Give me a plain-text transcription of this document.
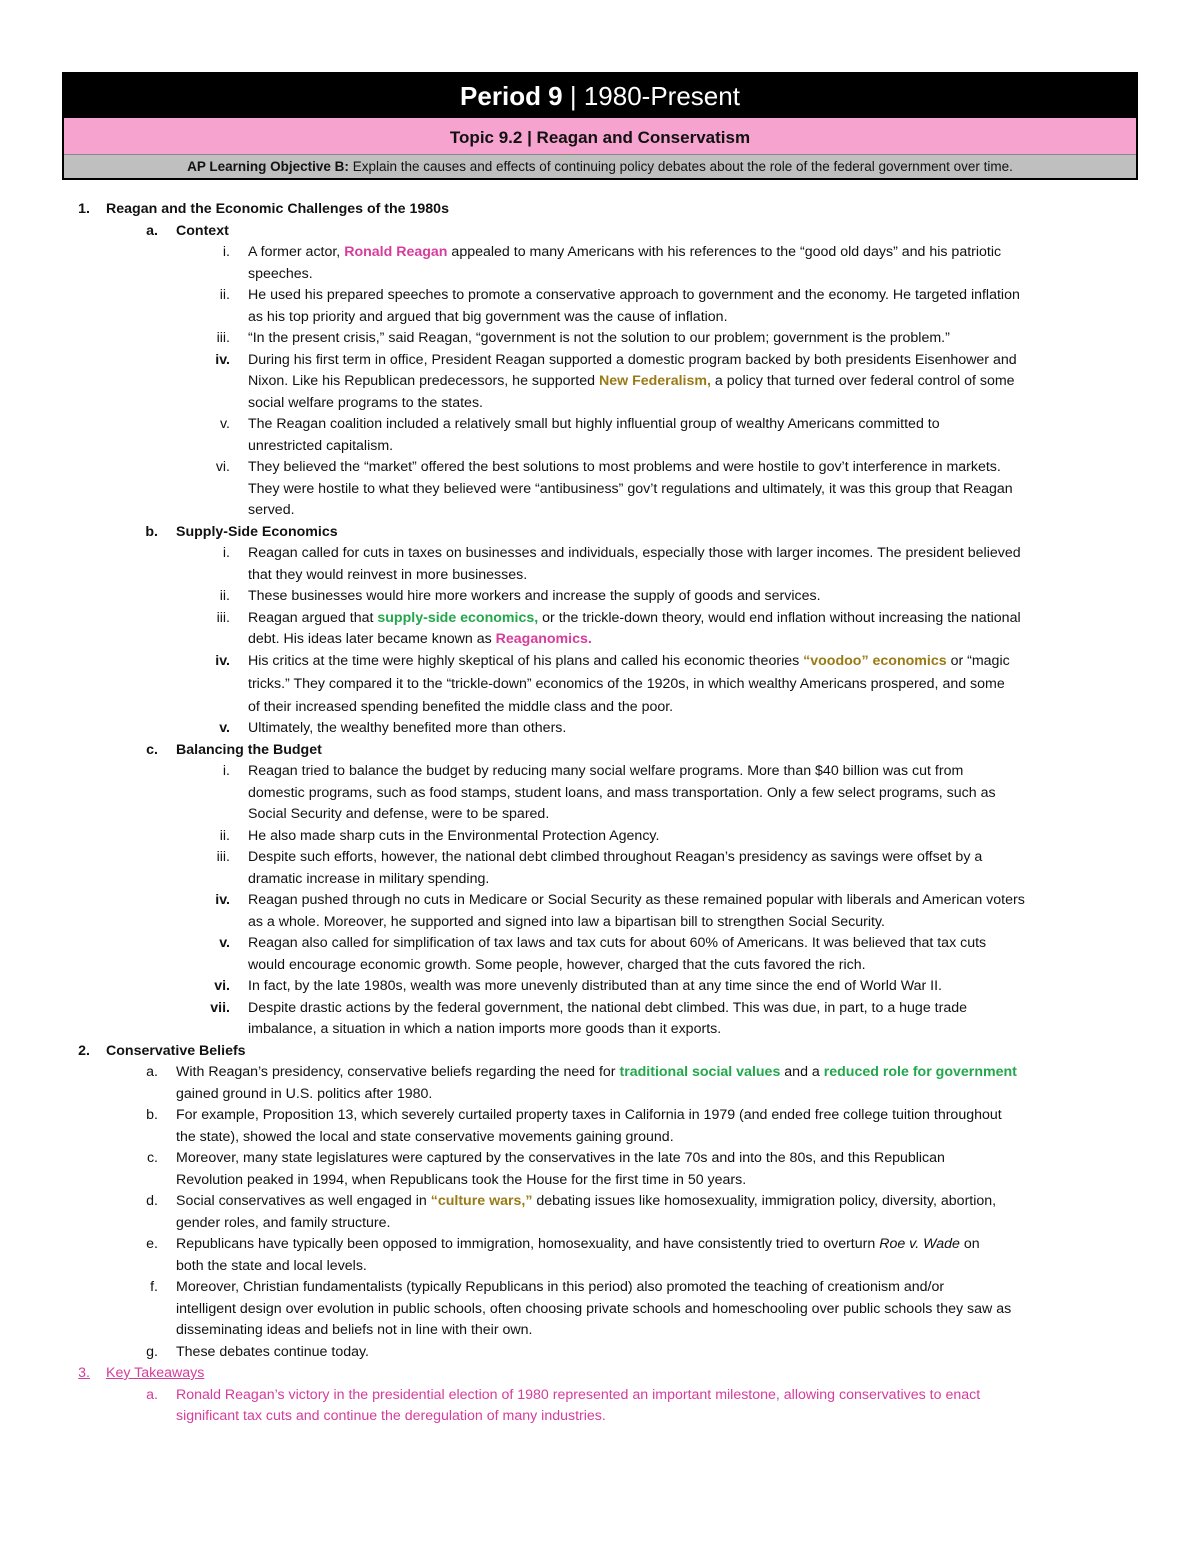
Period 9 | 1980-Present
Topic 9.2 | Reagan and Conservatism
AP Learning Objective B: Explain the causes and effects of continuing policy debates about the role of the federal government over time.
1. Reagan and the Economic Challenges of the 1980s
a. Context
i. A former actor, Ronald Reagan appealed to many Americans with his references to the “good old days” and his patriotic
speeches.
ii. He used his prepared speeches to promote a conservative approach to government and the economy. He targeted inflation
as his top priority and argued that big government was the cause of inflation.
iii. “In the present crisis,” said Reagan, “government is not the solution to our problem; government is the problem.”
iv. During his first term in office, President Reagan supported a domestic program backed by both presidents Eisenhower and
Nixon. Like his Republican predecessors, he supported New Federalism, a policy that turned over federal control of some
social welfare programs to the states.
v. The Reagan coalition included a relatively small but highly influential group of wealthy Americans committed to
unrestricted capitalism.
vi. They believed the “market” offered the best solutions to most problems and were hostile to gov’t interference in markets.
They were hostile to what they believed were “antibusiness” gov’t regulations and ultimately, it was this group that Reagan
served.
b. Supply-Side Economics
i. Reagan called for cuts in taxes on businesses and individuals, especially those with larger incomes. The president believed
that they would reinvest in more businesses.
ii. These businesses would hire more workers and increase the supply of goods and services.
iii. Reagan argued that supply-side economics, or the trickle-down theory, would end inflation without increasing the national
debt. His ideas later became known as Reaganomics.
iv. His critics at the time were highly skeptical of his plans and called his economic theories “voodoo” economics or “magic
tricks.” They compared it to the “trickle-down” economics of the 1920s, in which wealthy Americans prospered, and some
of their increased spending benefited the middle class and the poor.
v. Ultimately, the wealthy benefited more than others.
c. Balancing the Budget
i. Reagan tried to balance the budget by reducing many social welfare programs. More than $40 billion was cut from
domestic programs, such as food stamps, student loans, and mass transportation. Only a few select programs, such as
Social Security and defense, were to be spared.
ii. He also made sharp cuts in the Environmental Protection Agency.
iii. Despite such efforts, however, the national debt climbed throughout Reagan’s presidency as savings were offset by a
dramatic increase in military spending.
iv. Reagan pushed through no cuts in Medicare or Social Security as these remained popular with liberals and American voters
as a whole. Moreover, he supported and signed into law a bipartisan bill to strengthen Social Security.
v. Reagan also called for simplification of tax laws and tax cuts for about 60% of Americans. It was believed that tax cuts
would encourage economic growth. Some people, however, charged that the cuts favored the rich.
vi. In fact, by the late 1980s, wealth was more unevenly distributed than at any time since the end of World War II.
vii. Despite drastic actions by the federal government, the national debt climbed. This was due, in part, to a huge trade
imbalance, a situation in which a nation imports more goods than it exports.
2. Conservative Beliefs
a. With Reagan’s presidency, conservative beliefs regarding the need for traditional social values and a reduced role for government
gained ground in U.S. politics after 1980.
b. For example, Proposition 13, which severely curtailed property taxes in California in 1979 (and ended free college tuition throughout
the state), showed the local and state conservative movements gaining ground.
c. Moreover, many state legislatures were captured by the conservatives in the late 70s and into the 80s, and this Republican
Revolution peaked in 1994, when Republicans took the House for the first time in 50 years.
d. Social conservatives as well engaged in “culture wars,” debating issues like homosexuality, immigration policy, diversity, abortion,
gender roles, and family structure.
e. Republicans have typically been opposed to immigration, homosexuality, and have consistently tried to overturn Roe v. Wade on
both the state and local levels.
f. Moreover, Christian fundamentalists (typically Republicans in this period) also promoted the teaching of creationism and/or
intelligent design over evolution in public schools, often choosing private schools and homeschooling over public schools they saw as
disseminating ideas and beliefs not in line with their own.
g. These debates continue today.
3. Key Takeaways
a. Ronald Reagan’s victory in the presidential election of 1980 represented an important milestone, allowing conservatives to enact
significant tax cuts and continue the deregulation of many industries.
